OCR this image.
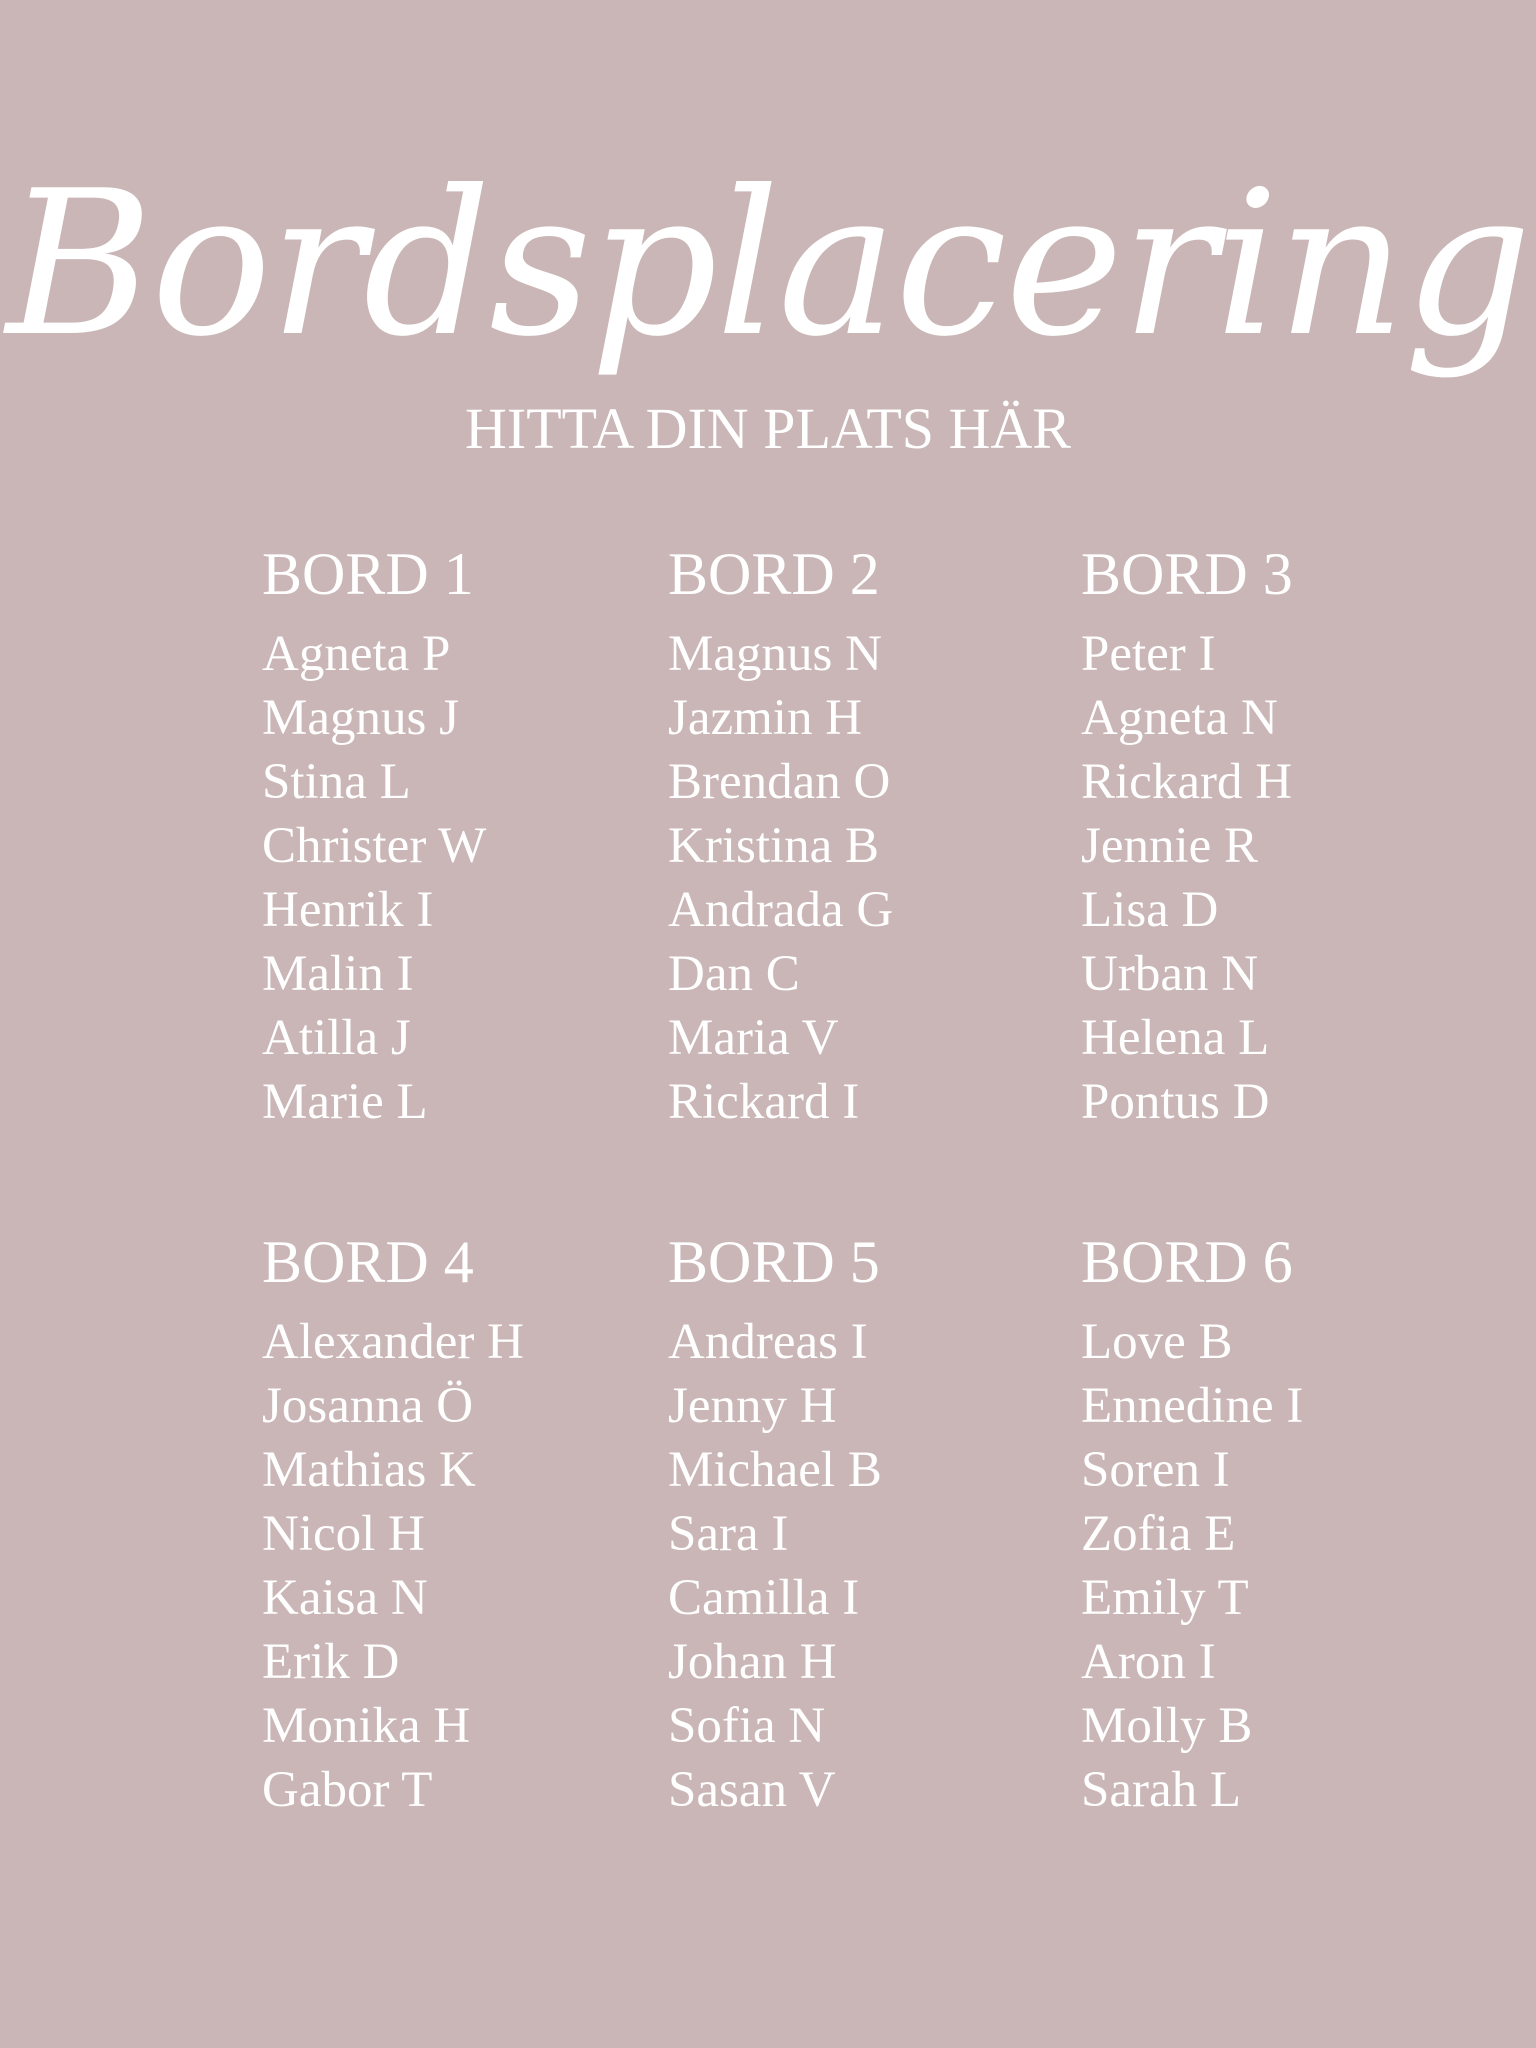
Bordsplacering
HITTA DIN PLATS HÄR
BORD 1
Agneta P
Magnus J
Stina L
Christer W
Henrik I
Malin I
Atilla J
Marie L
BORD 2
Magnus N
Jazmin H
Brendan O
Kristina B
Andrada G
Dan C
Maria V
Rickard I
BORD 3
Peter I
Agneta N
Rickard H
Jennie R
Lisa D
Urban N
Helena L
Pontus D
BORD 4
Alexander H
Josanna Ö
Mathias K
Nicol H
Kaisa N
Erik D
Monika H
Gabor T
BORD 5
Andreas I
Jenny H
Michael B
Sara I
Camilla I
Johan H
Sofia N
Sasan V
BORD 6
Love B
Ennedine I
Soren I
Zofia E
Emily T
Aron I
Molly B
Sarah L
